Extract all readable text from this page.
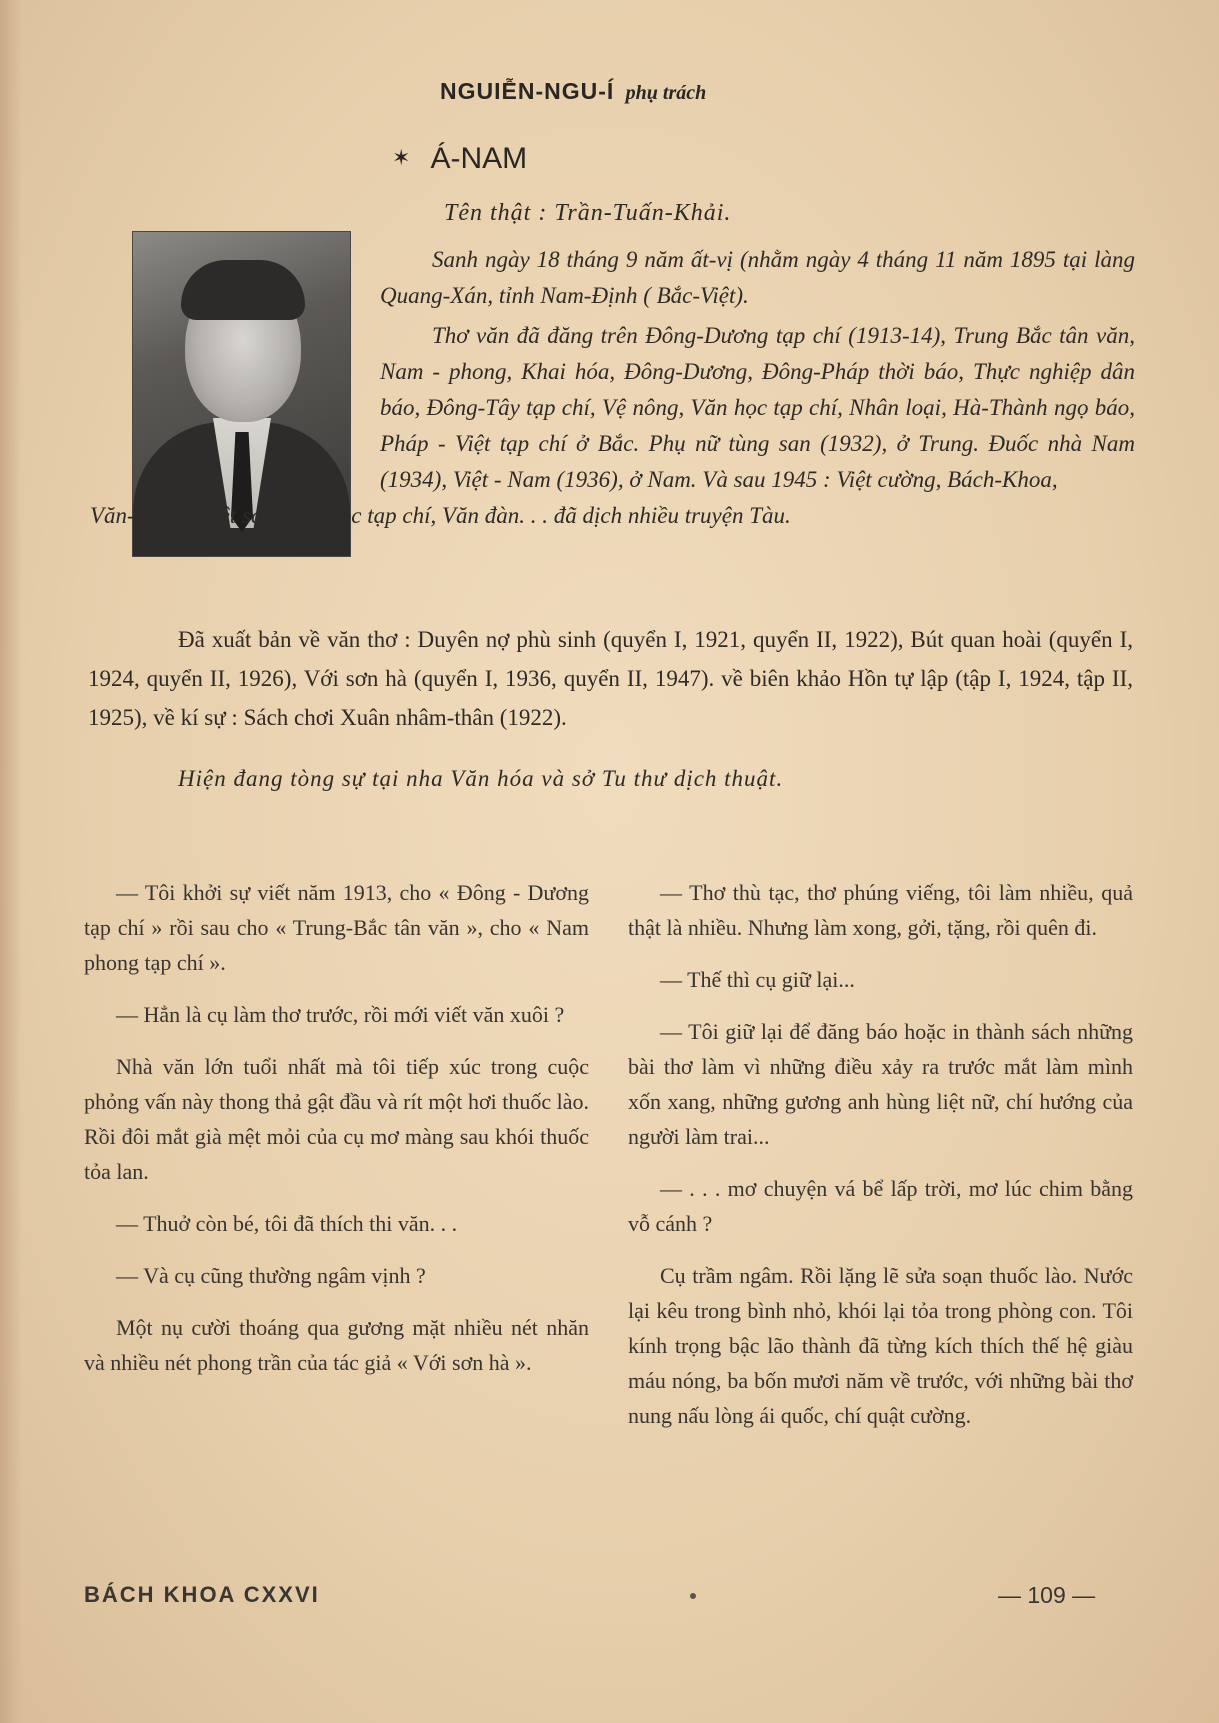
NGUIỄN-NGU-Í phụ trách
✶ Á-NAM
Tên thật : Trần-Tuấn-Khải.

Sanh ngày 18 tháng 9 năm ất-vị (nhằm ngày 4 tháng 11 năm 1895 tại làng Quang-Xán, tỉnh Nam-Định ( Bắc-Việt).

Thơ văn đã đăng trên Đông-Dương tạp chí (1913-14), Trung Bắc tân văn, Nam - phong, Khai hóa, Đông-Dương, Đông-Pháp thời báo, Thực nghiệp dân báo, Đông-Tây tạp chí, Vệ nông, Văn học tạp chí, Nhân loại, Hà-Thành ngọ báo, Pháp - Việt tạp chí ở Bắc. Phụ nữ tùng san (1932), ở Trung. Đuốc nhà Nam (1934), Việt - Nam (1936), ở Nam. Và sau 1945 : Việt cường, Bách-Khoa,

Văn-hóa nguyệt san, Văn học tạp chí, Văn đàn. . . đã dịch nhiều truyện Tàu.

Đã xuất bản về văn thơ : Duyên nợ phù sinh (quyển I, 1921, quyển II, 1922), Bút quan hoài (quyển I, 1924, quyển II, 1926), Với sơn hà (quyển I, 1936, quyển II, 1947). về biên khảo Hồn tự lập (tập I, 1924, tập II, 1925), về kí sự : Sách chơi Xuân nhâm-thân (1922).

Hiện đang tòng sự tại nha Văn hóa và sở Tu thư dịch thuật.

— Tôi khởi sự viết năm 1913, cho « Đông - Dương tạp chí » rồi sau cho « Trung-Bắc tân văn », cho « Nam phong tạp chí ».

— Hẳn là cụ làm thơ trước, rồi mới viết văn xuôi ?

Nhà văn lớn tuổi nhất mà tôi tiếp xúc trong cuộc phỏng vấn này thong thả gật đầu và rít một hơi thuốc lào. Rồi đôi mắt già mệt mỏi của cụ mơ màng sau khói thuốc tỏa lan.

— Thuở còn bé, tôi đã thích thi văn. . .

— Và cụ cũng thường ngâm vịnh ?

Một nụ cười thoáng qua gương mặt nhiều nét nhăn và nhiều nét phong trần của tác giả « Với sơn hà ».

— Thơ thù tạc, thơ phúng viếng, tôi làm nhiều, quả thật là nhiều. Nhưng làm xong, gởi, tặng, rồi quên đi.

— Thế thì cụ giữ lại...

— Tôi giữ lại để đăng báo hoặc in thành sách những bài thơ làm vì những điều xảy ra trước mắt làm mình xốn xang, những gương anh hùng liệt nữ, chí hướng của người làm trai...

— . . . mơ chuyện vá bể lấp trời, mơ lúc chim bằng vỗ cánh ?

Cụ trầm ngâm. Rồi lặng lẽ sửa soạn thuốc lào. Nước lại kêu trong bình nhỏ, khói lại tỏa trong phòng con. Tôi kính trọng bậc lão thành đã từng kích thích thế hệ giàu máu nóng, ba bốn mươi năm về trước, với những bài thơ nung nấu lòng ái quốc, chí quật cường.

BÁCH KHOA CXXVI	— 109 —
